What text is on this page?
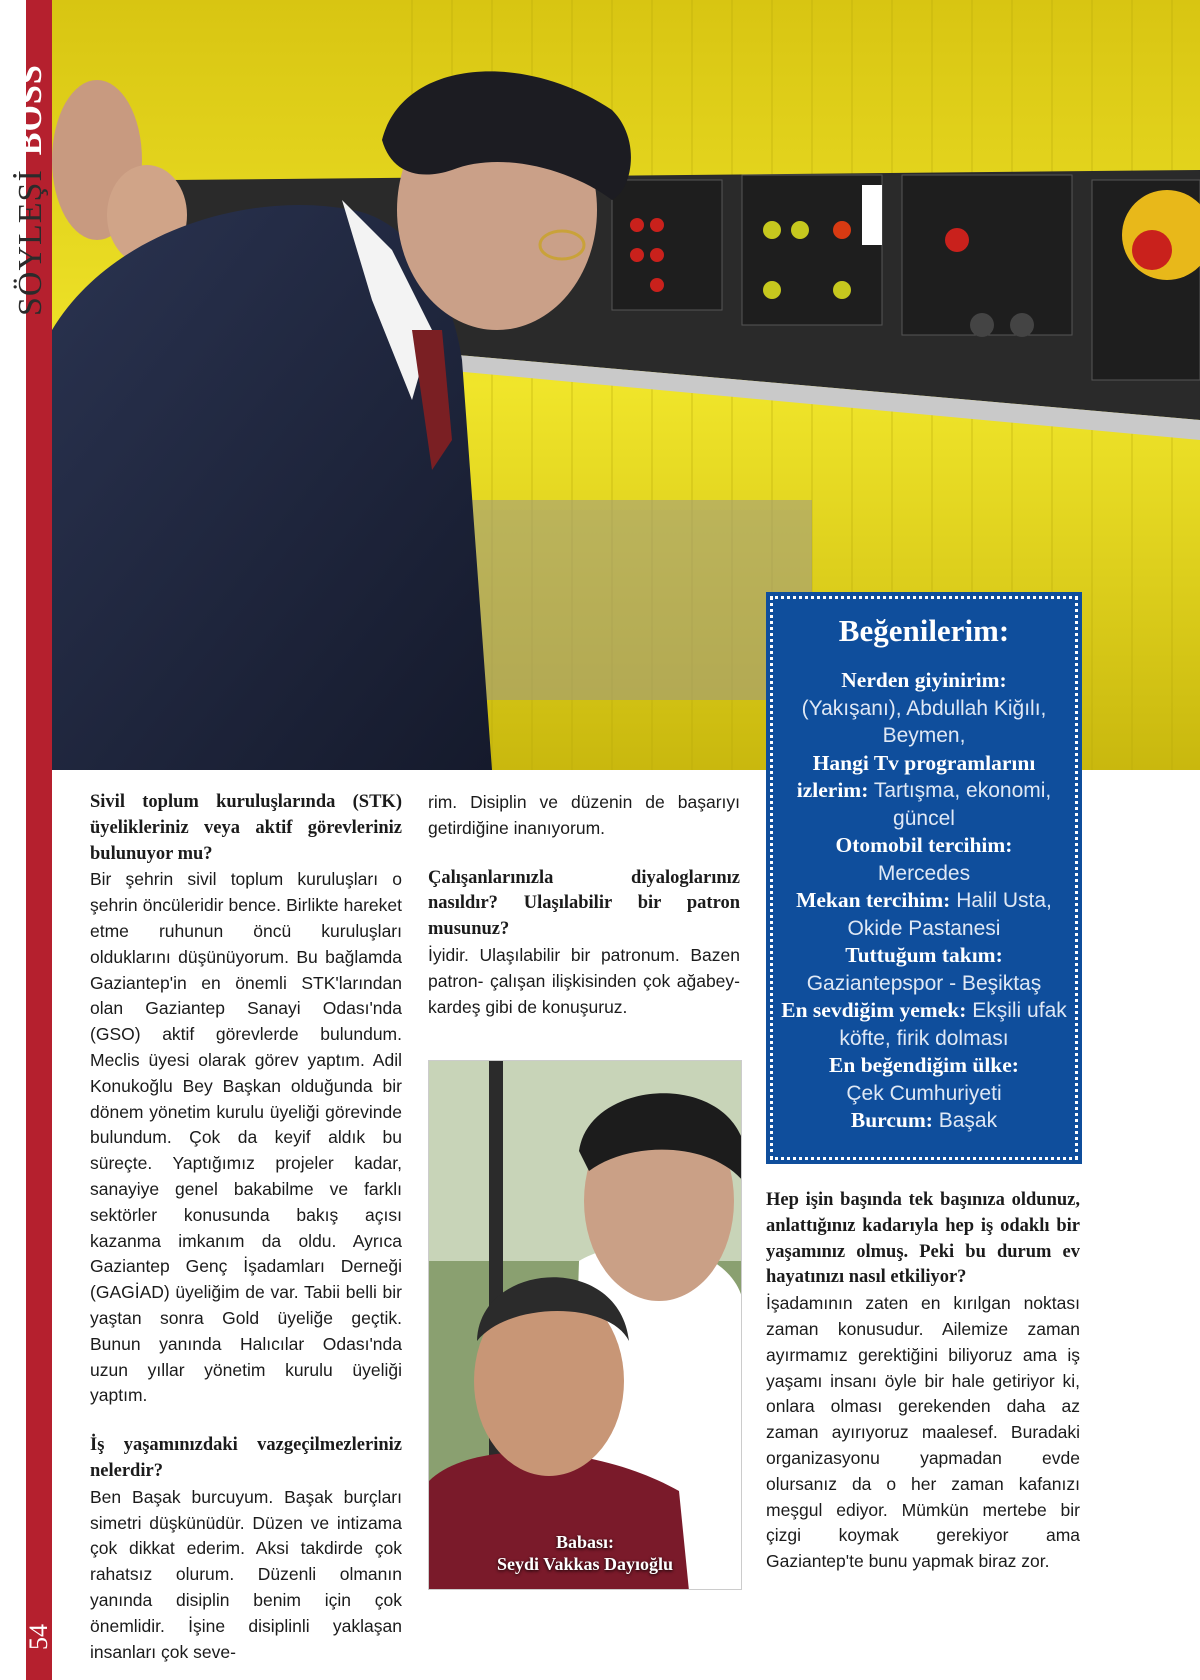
SÖYLEŞİ
BOSS
54
Beğenilerim:
Nerden giyinirim:
(Yakışanı), Abdullah Kiğılı, Beymen,
Hangi Tv programlarını izlerim: Tartışma, ekonomi, güncel
Otomobil tercihim:
Mercedes
Mekan tercihim: Halil Usta, Okide Pastanesi
Tuttuğum takım:
Gaziantepspor - Beşiktaş
En sevdiğim yemek: Ekşili ufak köfte, firik dolması
En beğendiğim ülke:
Çek Cumhuriyeti
Burcum: Başak

Sivil toplum kuruluşlarında (STK) üyelikleriniz veya aktif görevleriniz bulunuyor mu?

Bir şehrin sivil toplum kuruluşları o şehrin öncüleridir bence. Birlikte hareket etme ruhunun öncü kuruluşları olduklarını düşünüyorum. Bu bağlamda Gaziantep'in en önemli STK'larından olan Gaziantep Sanayi Odası'nda (GSO) aktif görevlerde bulundum. Meclis üyesi olarak görev yaptım. Adil Konukoğlu Bey Başkan olduğunda bir dönem yönetim kurulu üyeliği görevinde bulundum. Çok da keyif aldık bu süreçte. Yaptığımız projeler kadar, sanayiye genel bakabilme ve farklı sektörler konusunda bakış açısı kazanma imkanım da oldu. Ayrıca Gaziantep Genç İşadamları Derneği (GAGİAD) üyeliğim de var. Tabii belli bir yaştan sonra Gold üyeliğe geçtik. Bunun yanında Halıcılar Odası'nda uzun yıllar yönetim kurulu üyeliği yaptım.

İş yaşamınızdaki vazgeçilmezleriniz nelerdir?

Ben Başak burcuyum. Başak burçları simetri düşkünüdür. Düzen ve intizama çok dikkat ederim. Aksi takdirde çok rahatsız olurum. Düzenli olmanın yanında disiplin benim için çok önemlidir. İşine disiplinli yaklaşan insanları çok seve-

rim. Disiplin ve düzenin de başarıyı getirdiğine inanıyorum.

Çalışanlarınızla diyaloglarınız nasıldır? Ulaşılabilir bir patron musunuz?

İyidir. Ulaşılabilir bir patronum. Bazen patron- çalışan ilişkisinden çok ağabey-kardeş gibi de konuşuruz.

Babası:
Seydi Vakkas Dayıoğlu

Hep işin başında tek başınıza oldunuz, anlattığınız kadarıyla hep iş odaklı bir yaşamınız olmuş. Peki bu durum ev hayatınızı nasıl etkiliyor?

İşadamının zaten en kırılgan noktası zaman konusudur. Ailemize zaman ayırmamız gerektiğini biliyoruz ama iş yaşamı insanı öyle bir hale getiriyor ki, onlara olması gerekenden daha az zaman ayırıyoruz maalesef. Buradaki organizasyonu yapmadan evde olursanız da o her zaman kafanızı meşgul ediyor. Mümkün mertebe bir çizgi koymak gerekiyor ama Gaziantep'te bunu yapmak biraz zor.
